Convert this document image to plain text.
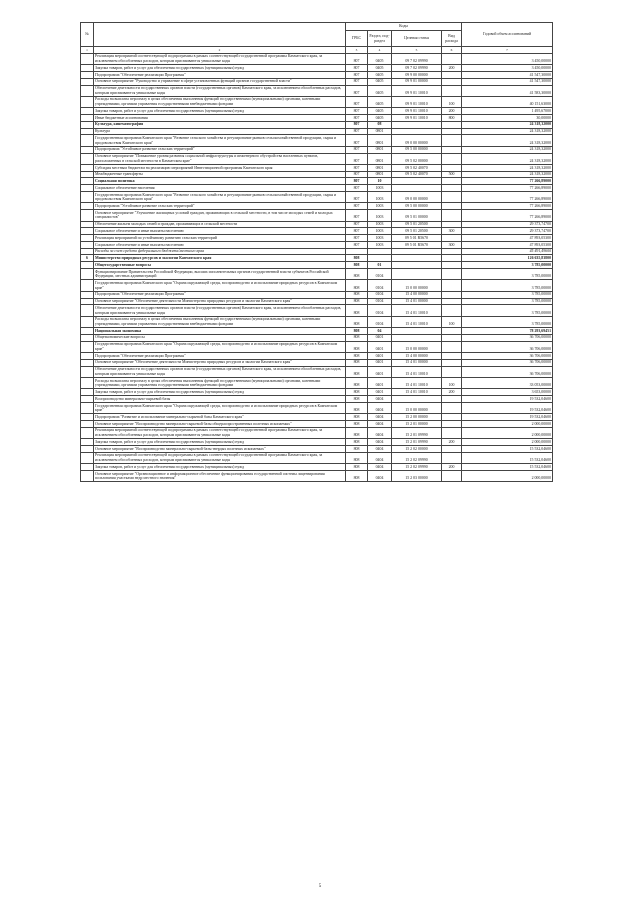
№		Коды				Годовой объем ассигнований
		ГРБС	Раздел, под-раздел	Целевая статья	Вид расхода	
1	2	3	4	5	6	7
	Реализация мероприятий соответствующей подпрограммы в рамках соответствующей государственной программы Камчатского края, за исключением обособленных расходов, которым присваиваются уникальные коды	807	0405	09 7 02 09990		3 450,00000
	Закупка товаров, работ и услуг для обеспечения государственных (муниципальных) нужд	807	0405	09 7 02 09990	200	3 450,00000
	Подпрограмма "Обеспечение реализации Программы"	807	0405	09 9 00 00000		41 547,30000
	Основное мероприятие "Руководство и управление в сфере установленных функций органов государственной власти"	807	0405	09 9 01 00000		41 547,30000
	Обеспечение деятельности государственных органов власти (государственных органов) Камчатского края, за исключением обособленных расходов, которым присваиваются уникальные коды	807	0405	09 9 01 10010		41 583,30000
	Расходы на выплаты персоналу в целях обеспечения выполнения функций государственными (муниципальными) органами, казенными учреждениями, органами управления государственными внебюджетными фондами	807	0405	09 9 01 10010	100	40 151,63000
	Закупка товаров, работ и услуг для обеспечения государственных (муниципальных) нужд	807	0405	09 9 01 10010	200	1 495,67000
	Иные бюджетные ассигнования	807	0405	09 9 01 10010	800	30,00000
	Культура, кинематография	807	08			24 318,32000
	Культура	807	0801			24 318,32000
	Государственная программа Камчатского края "Развитие сельского хозяйства и регулирование рынков сельскохозяйственной продукции, сырья и продовольствия Камчатского края"	807	0801	09 0 00 00000		24 318,32000
	Подпрограмма "Устойчивое развитие сельских территорий"	807	0801	09 5 00 00000		24 318,32000
	Основное мероприятие "Повышение уровня развития социальной инфраструктуры и инженерного обустройства населенных пунктов, расположенных в сельской местности в Камчатском крае"	807	0801	09 5 02 00000		24 318,32000
	Субсидия местным бюджетам на реализацию мероприятий Инвестиционной программы Камчатского края	807	0801	09 5 02 40070		24 318,32000
	Межбюджетные трансферты	807	0801	09 5 02 40070	500	24 318,32000
	Социальная политика	807	10			77 266,89000
	Социальное обеспечение населения	807	1003			77 266,89000
	Государственная программа Камчатского края "Развитие сельского хозяйства и регулирование рынков сельскохозяйственной продукции, сырья и продовольствия Камчатского края"	807	1003	09 0 00 00000		77 266,89000
	Подпрограмма "Устойчивое развитие сельских территорий"	807	1003	09 5 00 00000		77 266,89000
	Основное мероприятие "Улучшение жилищных условий граждан, проживающих в сельской местности, в том числе молодых семей и молодых специалистов"	807	1003	09 5 01 00000		77 266,89000
	Обеспечение жильем молодых семей и граждан, проживающих в сельской местности	807	1003	09 5 01 20500		29 373,74700
	Социальное обеспечение и иные выплаты населению	807	1003	09 5 01 20500	300	29 373,74700
	Реализация мероприятий по устойчивому развитию сельских территорий	807	1003	09 5 01 R5670		47 893,05300
	Социальное обеспечение и иные выплаты населению	807	1003	09 5 01 R5670	300	47 893,05300
	Расходы за счет средств федерального бюджета/местного края					45 491,49600
6	Министерство природных ресурсов и экологии Камчатского края	808				126 635,83800
	Общегосударственные вопросы	808	01			3 785,00000
	Функционирование Правительства Российской Федерации, высших исполнительных органов государственной власти субъектов Российской Федерации, местных администраций	808	0104			3 785,00000
	Государственная программа Камчатского края "Охрана окружающей среды, воспроизводство и использование природных ресурсов в Камчатском крае"	808	0104	15 0 00 00000		3 785,00000
	Подпрограмма "Обеспечение реализации Программы"	808	0104	15 4 00 00000		3 785,00000
	Основное мероприятие "Обеспечение деятельности Министерства природных ресурсов и экологии Камчатского края"	808	0104	15 4 01 00000		3 785,00000
	Обеспечение деятельности государственных органов власти (государственных органов) Камчатского края, за исключением обособленных расходов, которым присваиваются уникальные коды	808	0104	15 4 01 10010		3 785,00000
	Расходы на выплаты персоналу в целях обеспечения выполнения функций государственными (муниципальными) органами, казенными учреждениями, органами управления государственными внебюджетными фондами	808	0104	15 4 01 10010	100	3 785,00000
	Национальная экономика	808	04			78 293,69451
	Общеэкономические вопросы	808	0401			36 706,00000
	Государственная программа Камчатского края "Охрана окружающей среды, воспроизводство и использование природных ресурсов в Камчатском крае"	808	0401	15 0 00 00000		36 706,00000
	Подпрограмма "Обеспечение реализации Программы"	808	0401	15 4 00 00000		36 706,00000
	Основное мероприятие "Обеспечение деятельности Министерства природных ресурсов и экологии Камчатского края"	808	0401	15 4 01 00000		36 706,00000
	Обеспечение деятельности государственных органов власти (государственных органов) Камчатского края, за исключением обособленных расходов, которым присваиваются уникальные коды	808	0401	15 4 01 10010		36 706,00000
	Расходы на выплаты персоналу в целях обеспечения выполнения функций государственными (муниципальными) органами, казенными учреждениями, органами управления государственными внебюджетными фондами	808	0401	15 4 01 10010	100	33 053,00000
	Закупка товаров, работ и услуг для обеспечения государственных (муниципальных) нужд	808	0401	15 4 01 10010	200	3 653,00000
	Воспроизводство минерально-сырьевой базы	808	0404			19 532,04600
	Государственная программа Камчатского края "Охрана окружающей среды, воспроизводство и использование природных ресурсов в Камчатском крае"	808	0404	15 0 00 00000		19 532,04600
	Подпрограмма "Развитие и использование минерально-сырьевой базы Камчатского края"	808	0404	15 2 00 00000		19 532,04600
	Основное мероприятие "Воспроизводство минерально-сырьевой базы общераспространенных полезных ископаемых"	808	0404	15 2 01 00000		2 000,00000
	Реализация мероприятий соответствующей подпрограммы в рамках соответствующей государственной программы Камчатского края, за исключением обособленных расходов, которым присваиваются уникальные коды	808	0404	15 2 01 09990		2 000,00000
	Закупка товаров, работ и услуг для обеспечения государственных (муниципальных) нужд	808	0404	15 2 01 09990	200	2 000,00000
	Основное мероприятие "Воспроизводство минерально-сырьевой базы твердых полезных ископаемых"	808	0404	15 2 02 00000		15 532,04600
	Реализация мероприятий соответствующей подпрограммы в рамках соответствующей государственной программы Камчатского края, за исключением обособленных расходов, которым присваиваются уникальные коды	808	0404	15 2 02 09990		15 532,04600
	Закупка товаров, работ и услуг для обеспечения государственных (муниципальных) нужд	808	0404	15 2 02 09990	200	15 532,04600
	Основное мероприятие "Организационное и информационное обеспечение функционирования государственной системы лицензирования пользования участками недр местного значения"	808	0404	15 2 03 00000		2 000,00000
5
